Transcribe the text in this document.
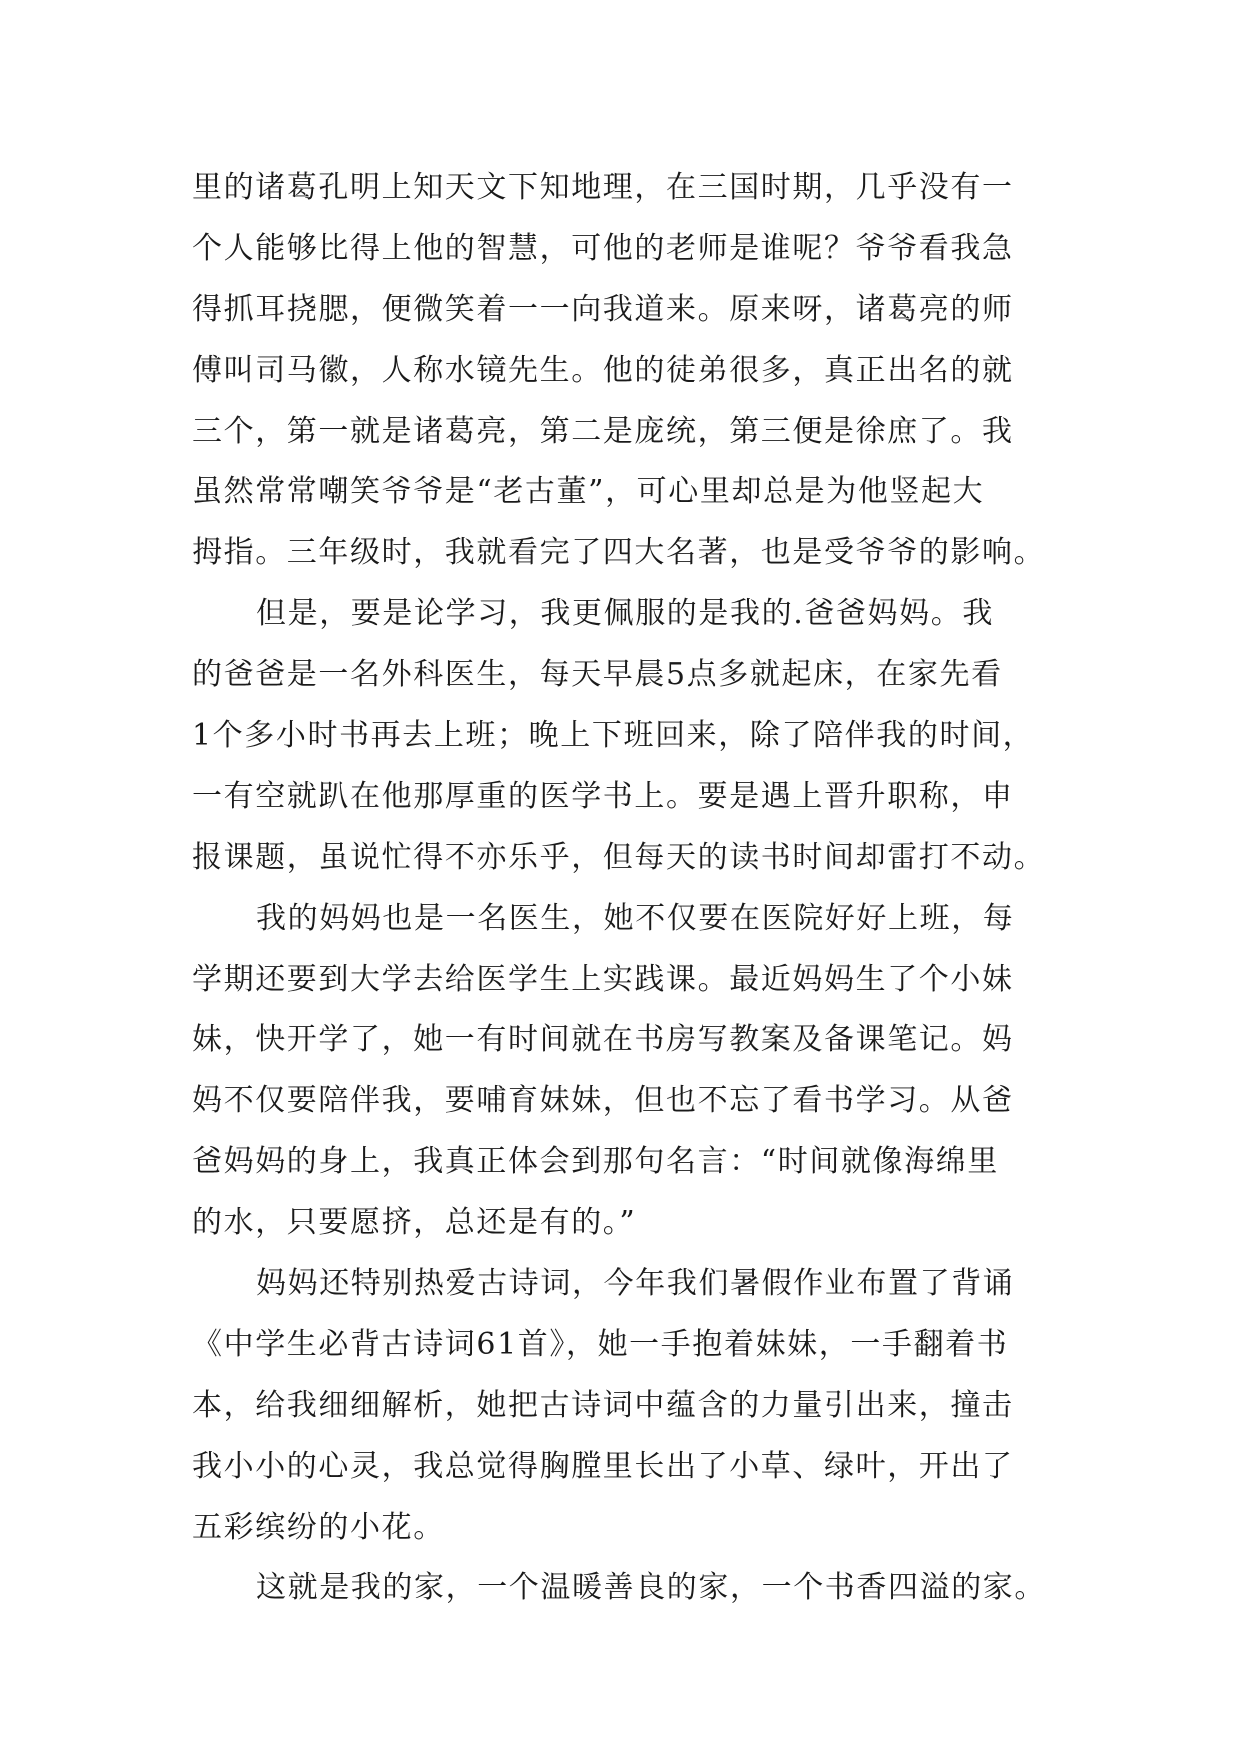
里的诸葛孔明上知天文下知地理，在三国时期，几乎没有一
个人能够比得上他的智慧，可他的老师是谁呢？爷爷看我急
得抓耳挠腮，便微笑着一一向我道来。原来呀，诸葛亮的师
傅叫司马徽，人称水镜先生。他的徒弟很多，真正出名的就
三个，第一就是诸葛亮，第二是庞统，第三便是徐庶了。我
虽然常常嘲笑爷爷是“老古董”，可心里却总是为他竖起大
拇指。三年级时，我就看完了四大名著，也是受爷爷的影响。
但是，要是论学习，我更佩服的是我的.爸爸妈妈。我
的爸爸是一名外科医生，每天早晨5点多就起床，在家先看
1个多小时书再去上班；晚上下班回来，除了陪伴我的时间，
一有空就趴在他那厚重的医学书上。要是遇上晋升职称，申
报课题，虽说忙得不亦乐乎，但每天的读书时间却雷打不动。
我的妈妈也是一名医生，她不仅要在医院好好上班，每
学期还要到大学去给医学生上实践课。最近妈妈生了个小妹
妹，快开学了，她一有时间就在书房写教案及备课笔记。妈
妈不仅要陪伴我，要哺育妹妹，但也不忘了看书学习。从爸
爸妈妈的身上，我真正体会到那句名言：“时间就像海绵里
的水，只要愿挤，总还是有的。”
妈妈还特别热爱古诗词，今年我们暑假作业布置了背诵
《中学生必背古诗词61首》，她一手抱着妹妹，一手翻着书
本，给我细细解析，她把古诗词中蕴含的力量引出来，撞击
我小小的心灵，我总觉得胸膛里长出了小草、绿叶，开出了
五彩缤纷的小花。
这就是我的家，一个温暖善良的家，一个书香四溢的家。
